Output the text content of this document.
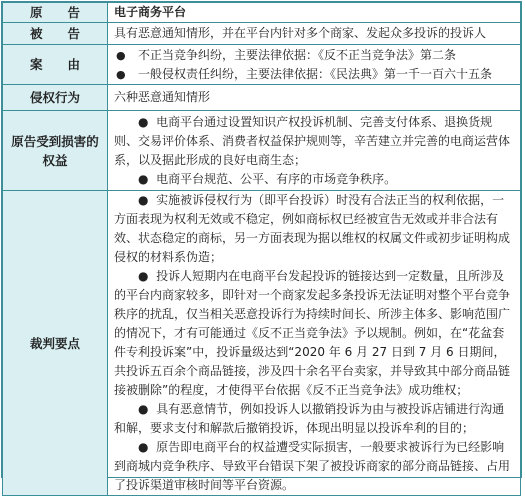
原　　告	电子商务平台
被　　告	具有恶意通知情形，并在平台内针对多个商家、发起众多投诉的投诉人
案　　由	● 不正当竞争纠纷，主要法律依据：《反不正当竞争法》第二条
● 一般侵权责任纠纷，主要法律依据：《民法典》第一千一百六十五条

侵权行为	六种恶意通知情形
原告受到损害的权益	●  电商平台通过设置知识产权投诉机制、完善支付体系、退换货规则、交易评价体系、消费者权益保护规则等，辛苦建立并完善的电商运营体系，以及据此形成的良好电商生态；
●  电商平台规范、公平、有序的市场竞争秩序。

裁判要点	●  实施被诉侵权行为（即平台投诉）时没有合法正当的权利依据，一方面表现为权利无效或不稳定，例如商标权已经被宣告无效或并非合法有效、状态稳定的商标，另一方面表现为据以维权的权属文件或初步证明构成侵权的材料系伪造；
●  投诉人短期内在电商平台发起投诉的链接达到一定数量，且所涉及的平台内商家较多，即针对一个商家发起多条投诉无法证明对整个平台竞争秩序的扰乱，仅当相关恶意投诉行为持续时间长、所涉主体多、影响范围广的情况下，才有可能通过《反不正当竞争法》予以规制。例如，在“花盆套件专利投诉案”中，投诉量级达到“2020 年 6 月 27 日到 7 月 6 日期间，共投诉五百余个商品链接，涉及四十余名平台卖家，并导致其中部分商品链接被删除”的程度，才使得平台依据《反不正当竞争法》成功维权；
●  具有恶意情节，例如投诉人以撤销投诉为由与被投诉店铺进行沟通和解，要求支付和解款后撤销投诉，体现出明显以投诉牟利的目的；
●  原告即电商平台的权益遭受实际损害，一般要求被诉行为已经影响到商城内竞争秩序、导致平台错误下架了被投诉商家的部分商品链接、占用了投诉渠道审核时间等平台资源。
